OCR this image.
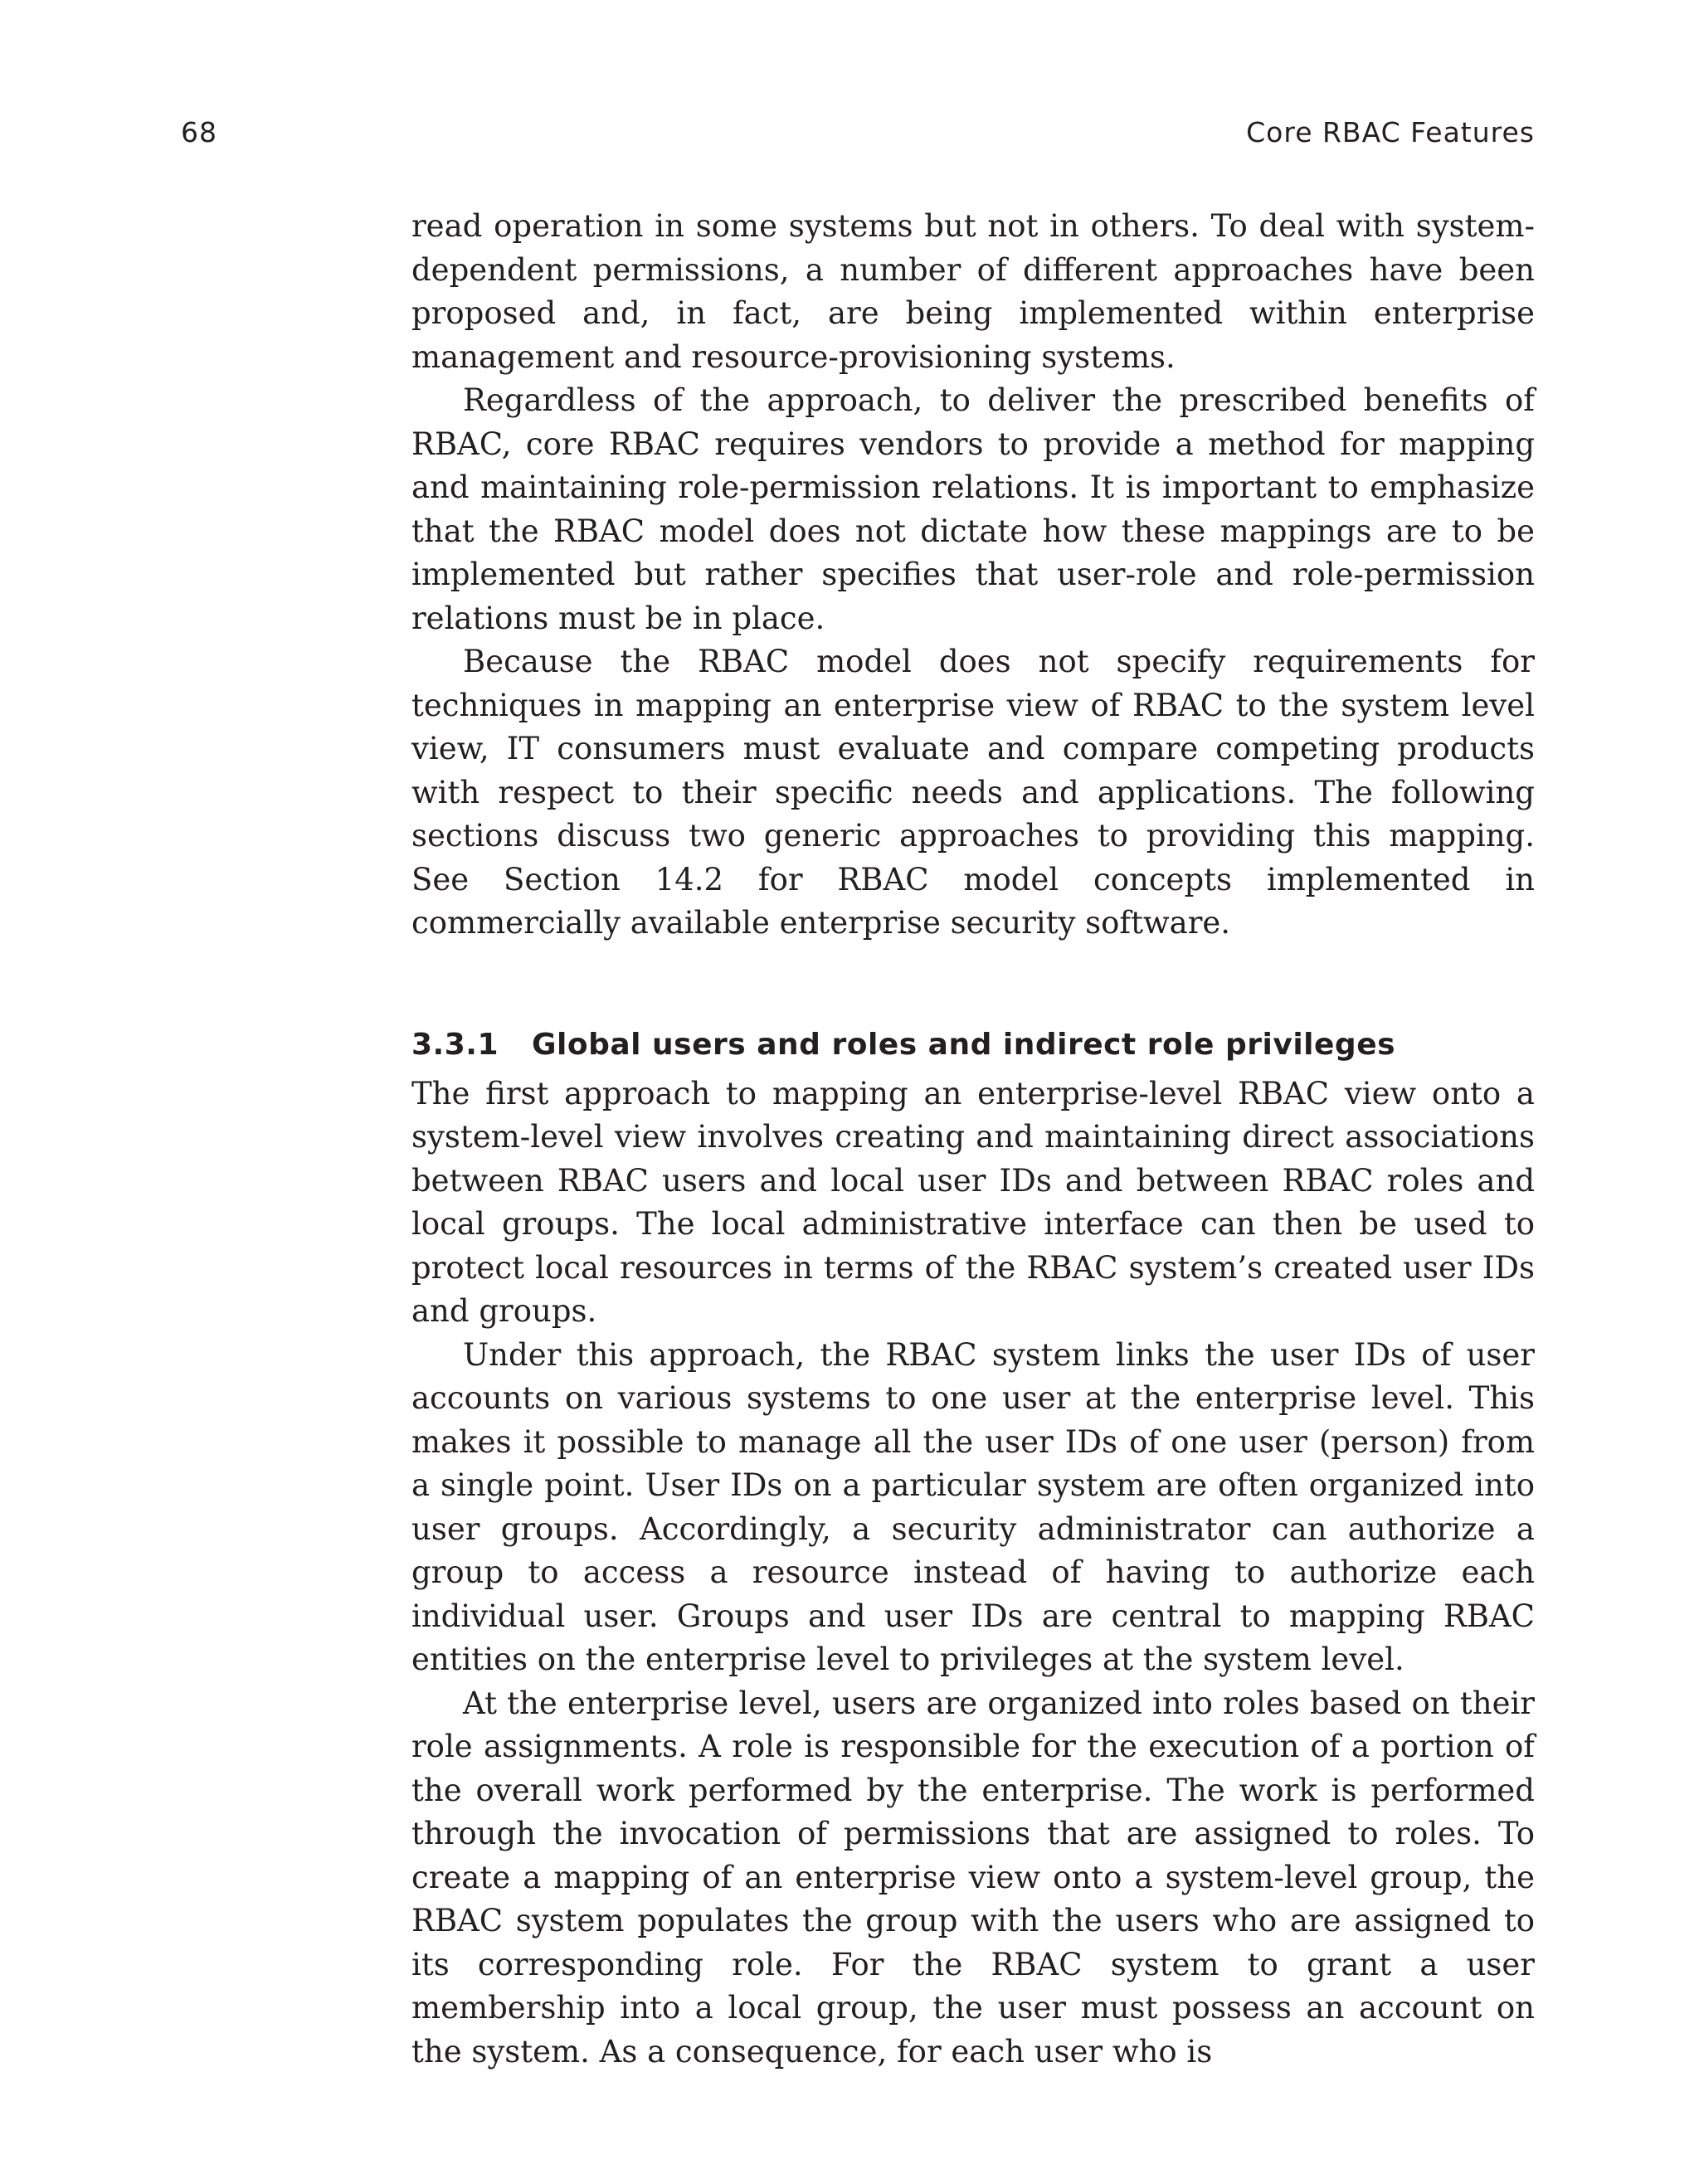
68	Core RBAC Features

read operation in some systems but not in others. To deal with system-dependent permissions, a number of different approaches have been proposed and, in fact, are being implemented within enterprise management and resource-provisioning systems.

Regardless of the approach, to deliver the prescribed benefits of RBAC, core RBAC requires vendors to provide a method for mapping and maintaining role-permission relations. It is important to emphasize that the RBAC model does not dictate how these mappings are to be implemented but rather specifies that user-role and role-permission relations must be in place.

Because the RBAC model does not specify requirements for techniques in mapping an enterprise view of RBAC to the system level view, IT consumers must evaluate and compare competing products with respect to their specific needs and applications. The following sections discuss two generic approaches to providing this mapping. See Section 14.2 for RBAC model concepts implemented in commercially available enterprise security software.

3.3.1 Global users and roles and indirect role privileges

The first approach to mapping an enterprise-level RBAC view onto a system-level view involves creating and maintaining direct associations between RBAC users and local user IDs and between RBAC roles and local groups. The local administrative interface can then be used to protect local resources in terms of the RBAC system’s created user IDs and groups.

Under this approach, the RBAC system links the user IDs of user accounts on various systems to one user at the enterprise level. This makes it possible to manage all the user IDs of one user (person) from a single point. User IDs on a particular system are often organized into user groups. Accordingly, a security administrator can authorize a group to access a resource instead of having to authorize each individual user. Groups and user IDs are central to mapping RBAC entities on the enterprise level to privileges at the system level.

At the enterprise level, users are organized into roles based on their role assignments. A role is responsible for the execution of a portion of the overall work performed by the enterprise. The work is performed through the invocation of permissions that are assigned to roles. To create a mapping of an enterprise view onto a system-level group, the RBAC system populates the group with the users who are assigned to its corresponding role. For the RBAC system to grant a user membership into a local group, the user must possess an account on the system. As a consequence, for each user who is
